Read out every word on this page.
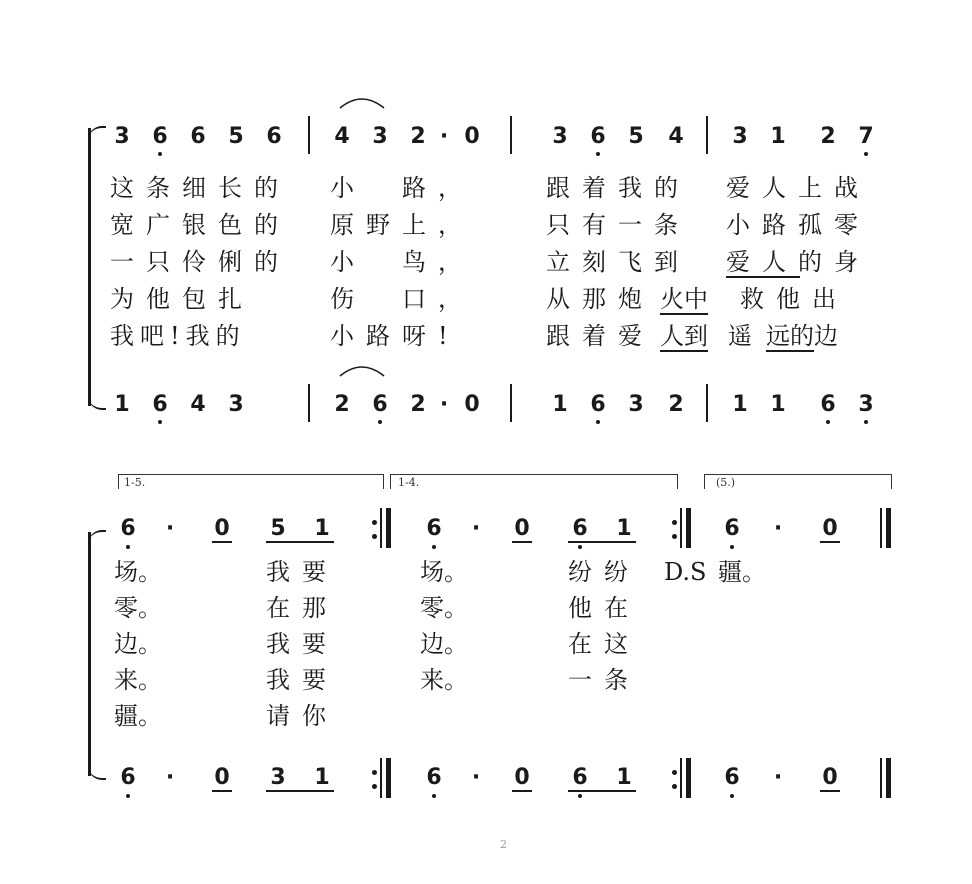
3 6 6 5 6 4 3 2 · 0	3 6 5 4 3 1 2 7
这条细长的 小　路，	跟着我的 爱人上战
宽广银色的 原野上，	只有一条 小路孤零
一只伶俐的 小　鸟，	立刻飞到 爱人的身
为他包扎	伤　口，	从那炮 火中 救他出
我吧!我的	小路呀!	跟着爱 人到 遥 远的边
1 6 4 3	2 6 2 · 0	1 6 3 2 1 1 6 3
1-5.	1-4.	(5.)
6	·	0 5 1	6	·	0 6 1	6	·	0
场。	我要	场。	纷纷 D.S 疆。
零。	在那	零。	他在
边。	我要	边。	在这
来。	我要	来。	一条
疆。	请你
6	·	0 3 1	6	·	0 6 1	6	·	0
2
